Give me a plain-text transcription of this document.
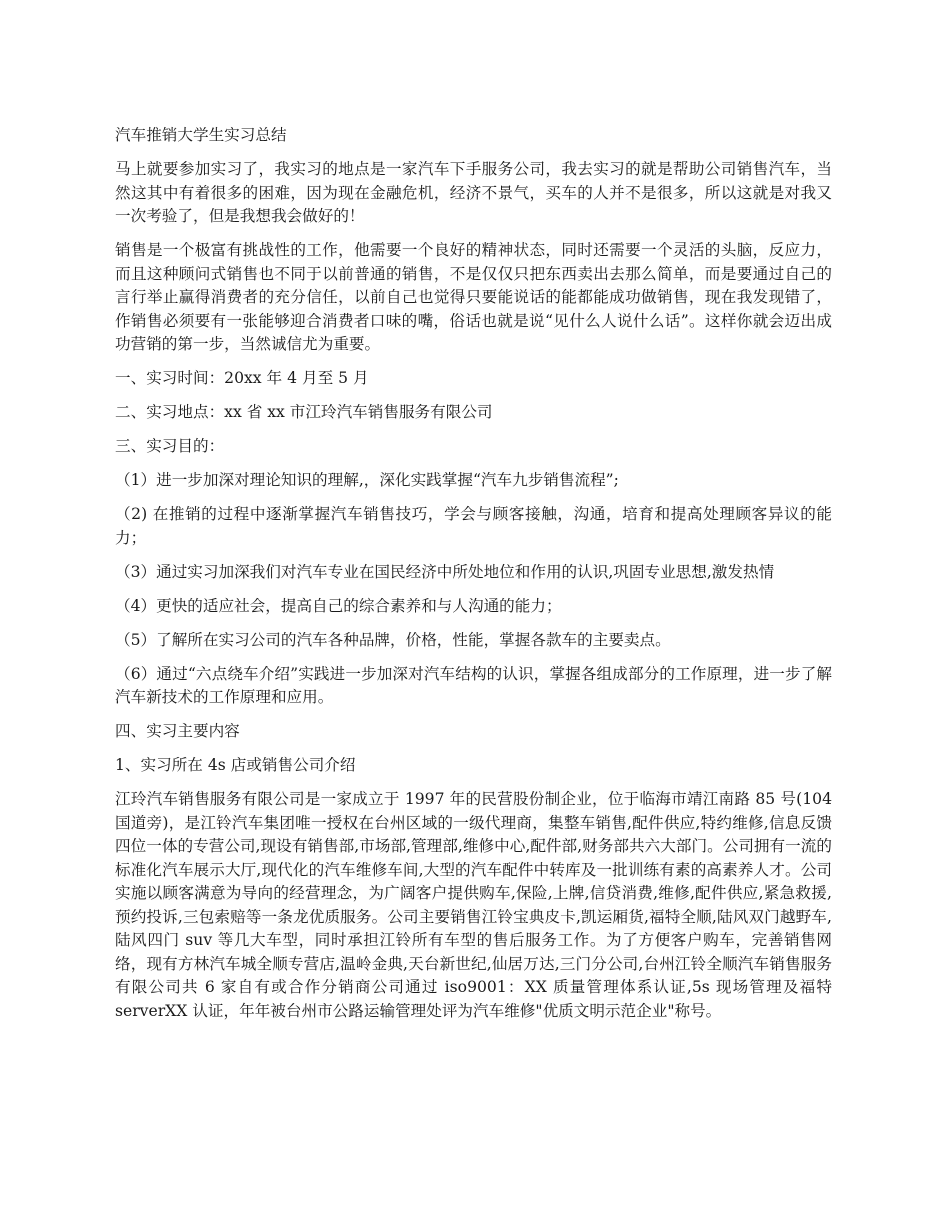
汽车推销大学生实习总结

马上就要参加实习了，我实习的地点是一家汽车下手服务公司，我去实习的就是帮助公司销售汽车，当然这其中有着很多的困难，因为现在金融危机，经济不景气，买车的人并不是很多，所以这就是对我又一次考验了，但是我想我会做好的！

销售是一个极富有挑战性的工作，他需要一个良好的精神状态，同时还需要一个灵活的头脑，反应力，而且这种顾问式销售也不同于以前普通的销售，不是仅仅只把东西卖出去那么简单，而是要通过自己的言行举止赢得消费者的充分信任，以前自己也觉得只要能说话的能都能成功做销售，现在我发现错了，作销售必须要有一张能够迎合消费者口味的嘴，俗话也就是说“见什么人说什么话”。这样你就会迈出成功营销的第一步，当然诚信尤为重要。

一、实习时间：20xx 年 4 月至 5 月

二、实习地点：xx 省 xx 市江玲汽车销售服务有限公司

三、实习目的：

（1）进一步加深对理论知识的理解,，深化实践掌握“汽车九步销售流程”;

（2) 在推销的过程中逐渐掌握汽车销售技巧，学会与顾客接触，沟通，培育和提高处理顾客异议的能力；

（3）通过实习加深我们对汽车专业在国民经济中所处地位和作用的认识,巩固专业思想,激发热情

（4）更快的适应社会，提高自己的综合素养和与人沟通的能力；

（5）了解所在实习公司的汽车各种品牌，价格，性能，掌握各款车的主要卖点。

（6）通过“六点绕车介绍”实践进一步加深对汽车结构的认识，掌握各组成部分的工作原理，进一步了解汽车新技术的工作原理和应用。

四、实习主要内容

1、实习所在 4s 店或销售公司介绍

江玲汽车销售服务有限公司是一家成立于 1997 年的民营股份制企业，位于临海市靖江南路 85 号(104 国道旁)，是江铃汽车集团唯一授权在台州区域的一级代理商，集整车销售,配件供应,特约维修,信息反馈四位一体的专营公司,现设有销售部,市场部,管理部,维修中心,配件部,财务部共六大部门。公司拥有一流的标准化汽车展示大厅,现代化的汽车维修车间,大型的汽车配件中转库及一批训练有素的高素养人才。公司实施以顾客满意为导向的经营理念，为广阔客户提供购车,保险,上牌,信贷消费,维修,配件供应,紧急救援,预约投诉,三包索赔等一条龙优质服务。公司主要销售江铃宝典皮卡,凯运厢货,福特全顺,陆风双门越野车,陆风四门 suv 等几大车型，同时承担江铃所有车型的售后服务工作。为了方便客户购车，完善销售网络，现有方林汽车城全顺专营店,温岭金典,天台新世纪,仙居万达,三门分公司,台州江铃全顺汽车销售服务有限公司共 6 家自有或合作分销商公司通过 iso9001：XX 质量管理体系认证,5s 现场管理及福特 serverXX 认证，年年被台州市公路运输管理处评为汽车维修"优质文明示范企业"称号。
